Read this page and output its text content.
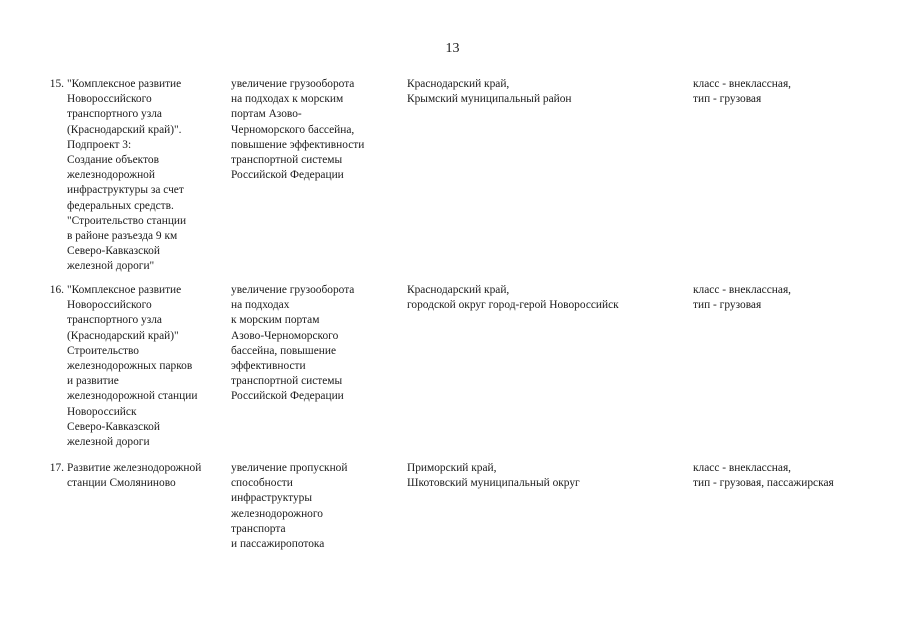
13
15. "Комплексное развитие
Новороссийского
транспортного узла
(Краснодарский край)".
Подпроект 3:
Создание объектов
железнодорожной
инфраструктуры за счет
федеральных средств.
"Строительство станции
в районе разъезда 9 км
Северо-Кавказской
железной дороги"
увеличение грузооборота
на подходах к морским
портам Азово-
Черноморского бассейна,
повышение эффективности
транспортной системы
Российской Федерации
Краснодарский край,
Крымский муниципальный район
класс - внеклассная,
тип - грузовая
16. "Комплексное развитие
Новороссийского
транспортного узла
(Краснодарский край)"
Строительство
железнодорожных парков
и развитие
железнодорожной станции
Новороссийск
Северо-Кавказской
железной дороги
увеличение грузооборота
на подходах
к морским портам
Азово-Черноморского
бассейна, повышение
эффективности
транспортной системы
Российской Федерации
Краснодарский край,
городской округ город-герой Новороссийск
класс - внеклассная,
тип - грузовая
17. Развитие железнодорожной
станции Смоляниново
увеличение пропускной
способности
инфраструктуры
железнодорожного
транспорта
и пассажиропотока
Приморский край,
Шкотовский муниципальный округ
класс - внеклассная,
тип - грузовая, пассажирская
